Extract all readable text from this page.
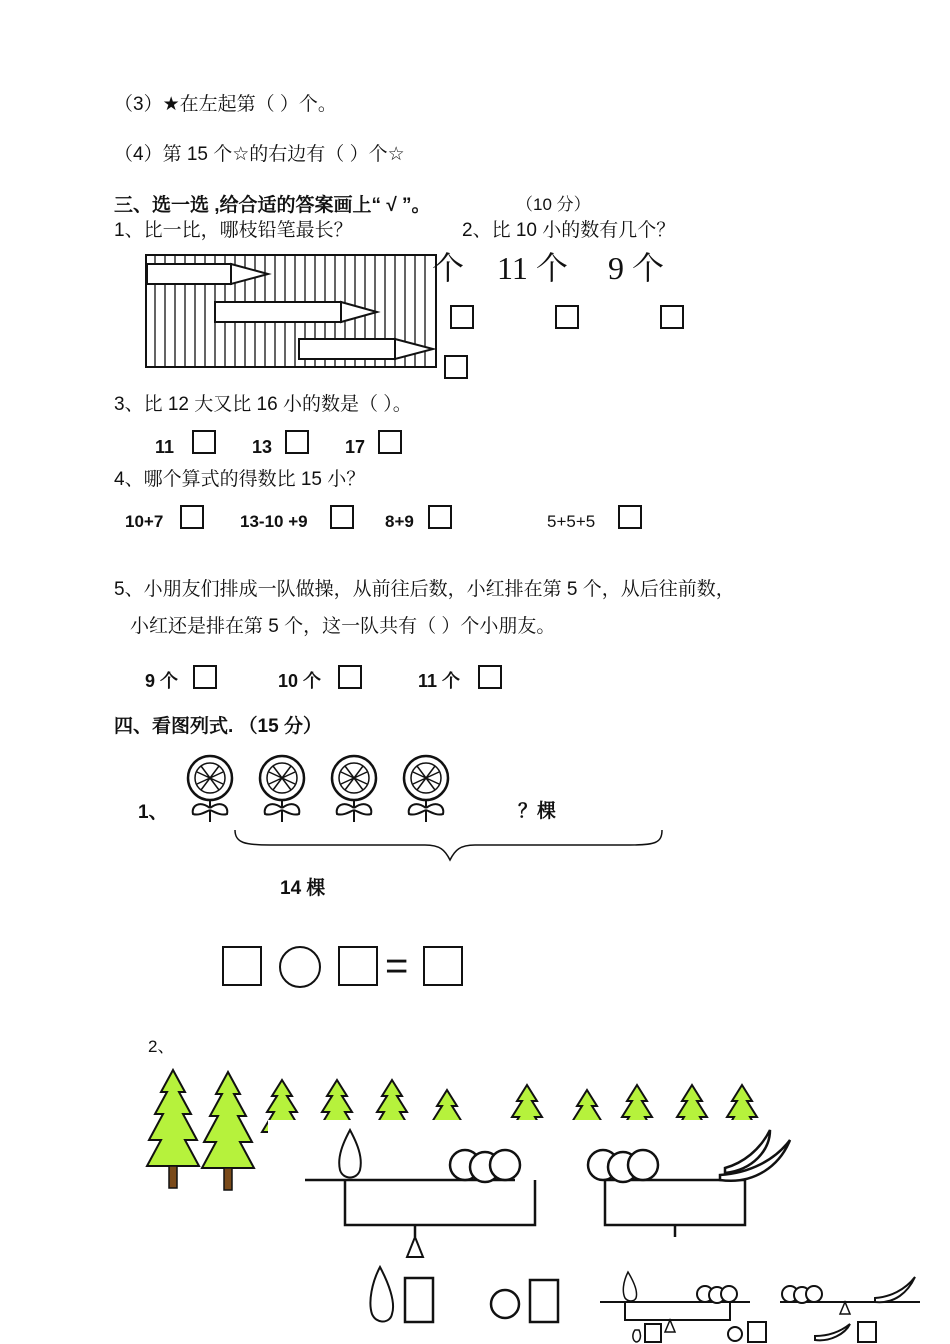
（3）★在左起第（ ）个。
（4）第 15 个☆的右边有（ ）个☆
三、选一选 ,给合适的答案画上“ √ ”。	（10 分）
1、比一比，哪枝铅笔最长？	2、比 10 小的数有几个？
个 11 个 9 个
3、比 12 大又比 16 小的数是（ ）。
11	13	17
4、哪个算式的得数比 15 小？
10+7	13-10 +9	8+9	5+5+5
5、小朋友们排成一队做操，从前往后数，小红排在第 5 个，从后往前数，
小红还是排在第 5 个，这一队共有（ ）个小朋友。
9 个	10 个	11 个
四、看图列式. （15 分）
1、	？棵
14 棵
=
2、
